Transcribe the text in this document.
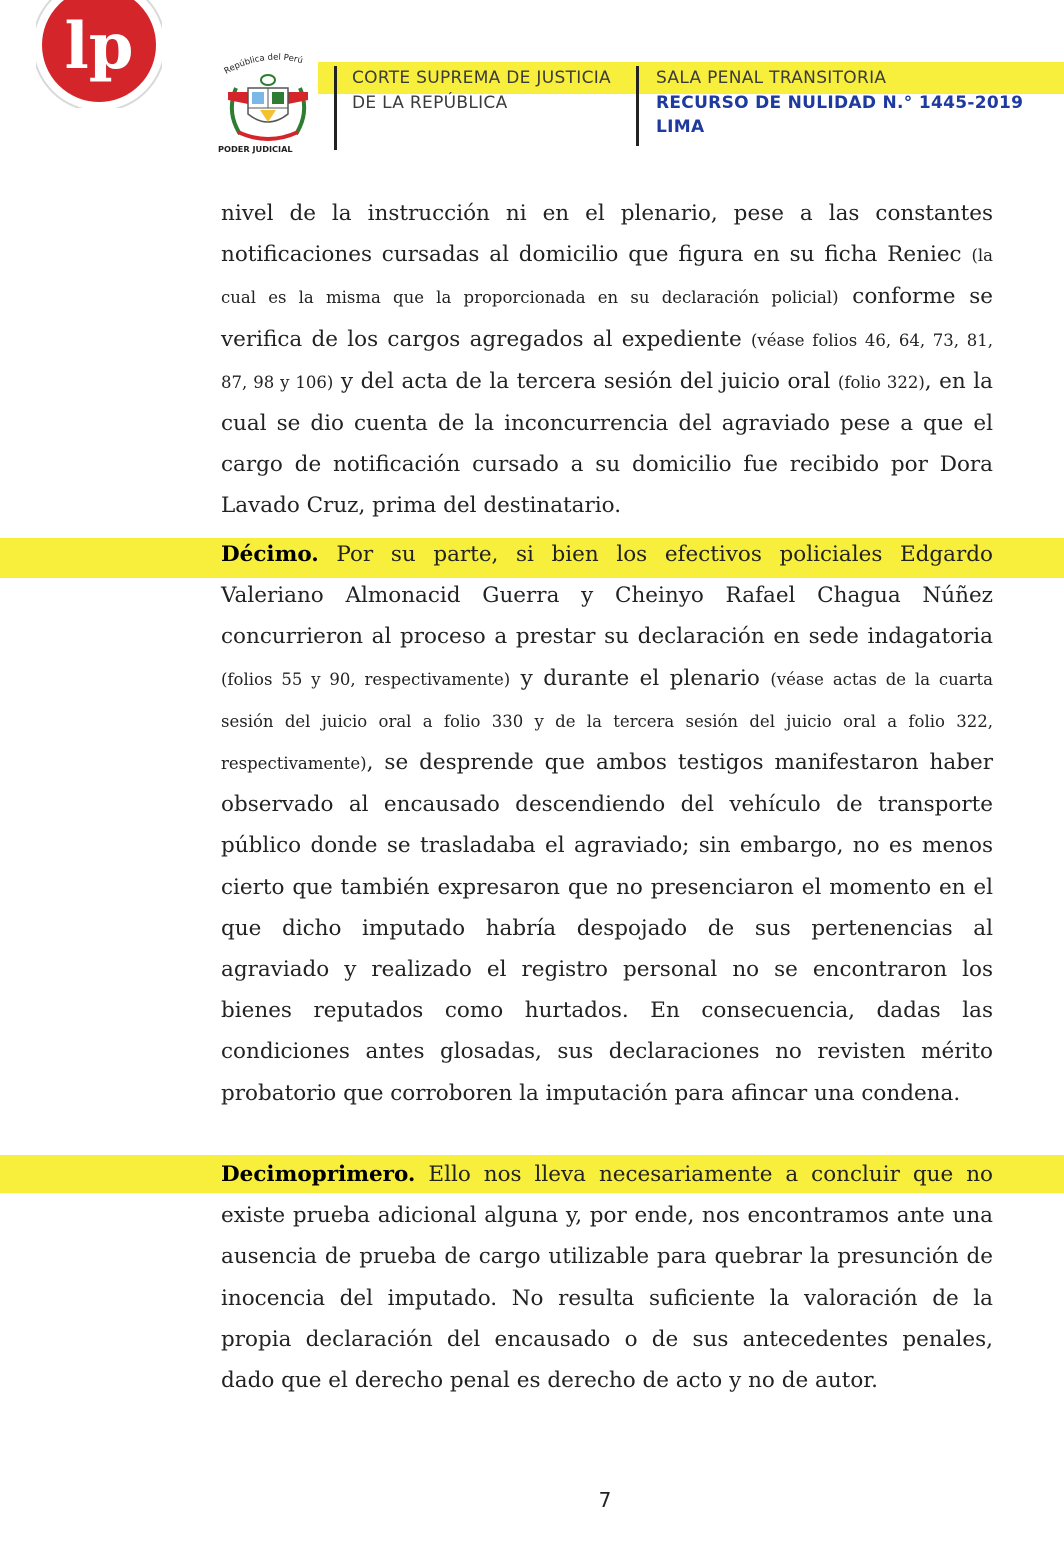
lp	República del Perú
PODER JUDICIAL
CORTE SUPREMA DE JUSTICIA
DE LA REPÚBLICA
SALA PENAL TRANSITORIA
RECURSO DE NULIDAD N.° 1445-2019
LIMA
nivel de la instrucción ni en el plenario, pese a las constantes notificaciones cursadas al domicilio que figura en su ficha Reniec (la cual es la misma que la proporcionada en su declaración policial) conforme se verifica de los cargos agregados al expediente (véase folios 46, 64, 73, 81, 87, 98 y 106) y del acta de la tercera sesión del juicio oral (folio 322), en la cual se dio cuenta de la inconcurrencia del agraviado pese a que el cargo de notificación cursado a su domicilio fue recibido por Dora Lavado Cruz, prima del destinatario.
Décimo. Por su parte, si bien los efectivos policiales Edgardo Valeriano Almonacid Guerra y Cheinyo Rafael Chagua Núñez concurrieron al proceso a prestar su declaración en sede indagatoria (folios 55 y 90, respectivamente) y durante el plenario (véase actas de la cuarta sesión del juicio oral a folio 330 y de la tercera sesión del juicio oral a folio 322, respectivamente), se desprende que ambos testigos manifestaron haber observado al encausado descendiendo del vehículo de transporte público donde se trasladaba el agraviado; sin embargo, no es menos cierto que también expresaron que no presenciaron el momento en el que dicho imputado habría despojado de sus pertenencias al agraviado y realizado el registro personal no se encontraron los bienes reputados como hurtados. En consecuencia, dadas las condiciones antes glosadas, sus declaraciones no revisten mérito probatorio que corroboren la imputación para afincar una condena.
Decimoprimero. Ello nos lleva necesariamente a concluir que no existe prueba adicional alguna y, por ende, nos encontramos ante una ausencia de prueba de cargo utilizable para quebrar la presunción de inocencia del imputado. No resulta suficiente la valoración de la propia declaración del encausado o de sus antecedentes penales, dado que el derecho penal es derecho de acto y no de autor.
7
